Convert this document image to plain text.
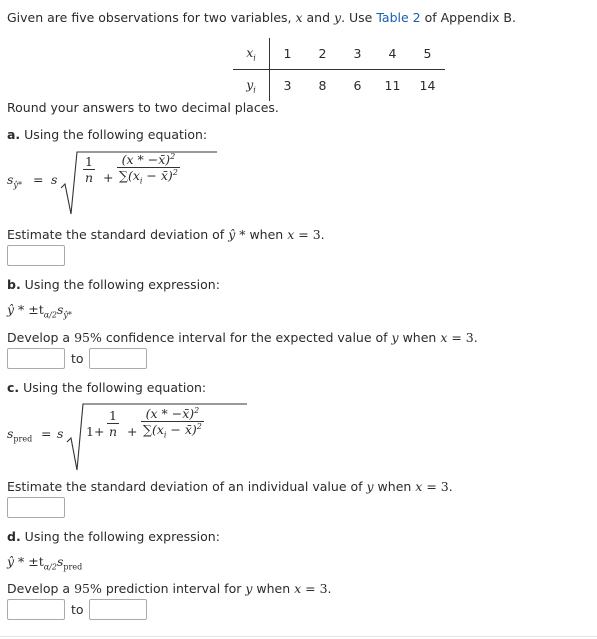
Given are five observations for two variables, x and y. Use Table 2 of Appendix B.
$x_i$	1	2	3	4	5
$y_i$	3	8	6	11	14
Round your answers to two decimal places.
a. Using the following equation:
$s_{ŷ*} = s \frac{1}{n} + \frac{(x * -x̄)^2}{\sum(x_i - x̄)^2}$
Estimate the standard deviation of ŷ * when x = 3.
b. Using the following expression:
ŷ * $\pm t_{\alpha/2}s_{ŷ*}$
Develop a 95% confidence interval for the expected value of y when x = 3.
to
c. Using the following equation:
$s_{pred} = s$ $1+ \frac{1}{n} + \frac{(x * -x̄)^2}{\sum(x_i - x̄)^2}$
Estimate the standard deviation of an individual value of y when x = 3.
d. Using the following expression:
ŷ * $\pm t_{\alpha/2}s_{pred}$
Develop a 95% prediction interval for y when x = 3.
to
